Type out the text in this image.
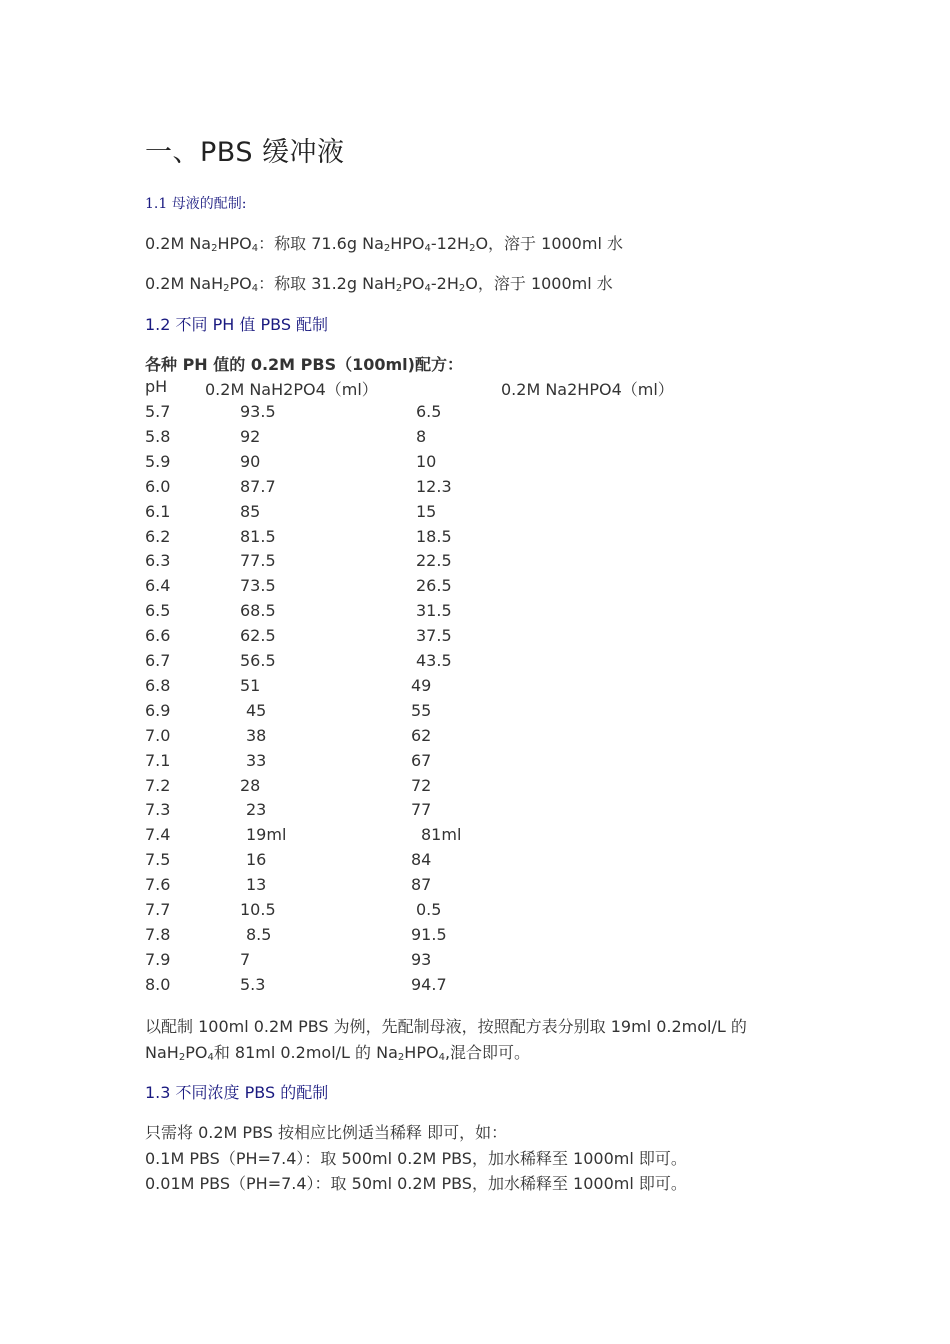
一、PBS 缓冲液
1.1 母液的配制:
0.2M $Na_2HPO_4$：称取 71.6g $Na_2HPO_4-12H_2O$，溶于 1000ml 水
0.2M $NaH_2PO_4$：称取 31.2g $NaH_2PO_4-2H_2O$，溶于 1000ml 水
1.2 不同 PH 值 PBS 配制
各种 PH 值的 0.2M PBS（100ml)配方：
pH 0.2M NaH2PO4（ml）	0.2M Na2HPO4（ml）
5.7	93.5	6.5
5.8	92	8
5.9	90	10
6.0	87.7	12.3
6.1	85	15
6.2	81.5	18.5
6.3	77.5	22.5
6.4	73.5	26.5
6.5	68.5	31.5
6.6	62.5	37.5
6.7	56.5	43.5
6.8	51	49
6.9	45	55
7.0	38	62
7.1	33	67
7.2	28	72
7.3	23	77
7.4	19ml	81ml
7.5	16	84
7.6	13	87
7.7	10.5	0.5
7.8	8.5	91.5
7.9	7	93
8.0	5.3	94.7
以配制 100ml 0.2M PBS 为例，先配制母液，按照配方表分别取 19ml 0.2mol/L 的
$NaH_2PO_4$和 81ml 0.2mol/L 的 $Na_2HPO_4$,混合即可。
1.3 不同浓度 PBS 的配制
只需将 0.2M PBS 按相应比例适当稀释 即可，如：
0.1M PBS（PH=7.4）：取 500ml 0.2M PBS，加水稀释至 1000ml 即可。
0.01M PBS（PH=7.4）：取 50ml 0.2M PBS，加水稀释至 1000ml 即可。
